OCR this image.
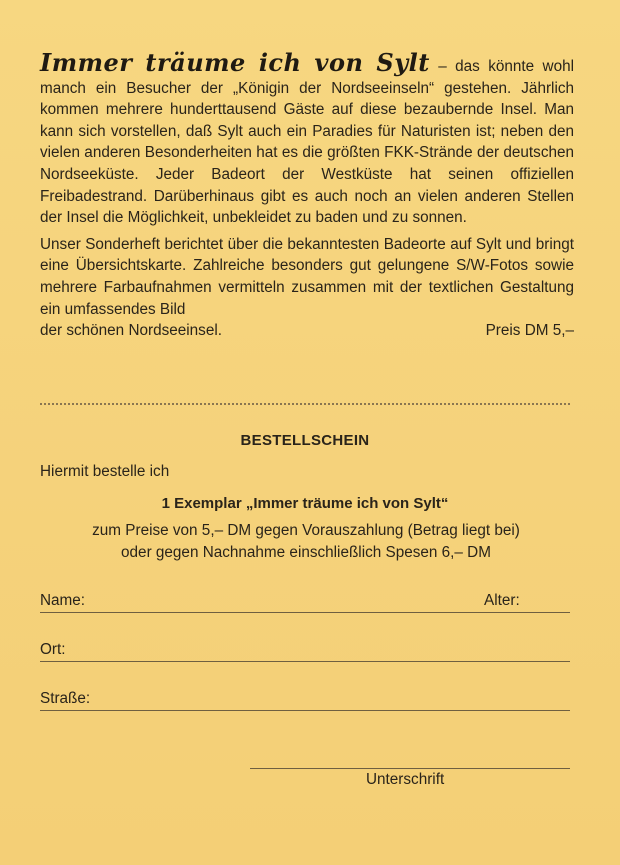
Immer träume ich von Sylt – das könnte wohl manch ein Besucher der „Königin der Nordseeinseln“ gestehen. Jährlich kommen mehrere hunderttausend Gäste auf diese bezaubernde Insel. Man kann sich vorstellen, daß Sylt auch ein Paradies für Naturisten ist; neben den vielen anderen Besonderheiten hat es die größten FKK-Strände der deutschen Nordseeküste. Jeder Badeort der Westküste hat seinen offiziellen Freibadestrand. Darüberhinaus gibt es auch noch an vielen anderen Stellen der Insel die Möglichkeit, unbekleidet zu baden und zu sonnen.

Unser Sonderheft berichtet über die bekanntesten Badeorte auf Sylt und bringt eine Übersichtskarte. Zahlreiche besonders gut gelungene S/W-Fotos sowie mehrere Farbaufnahmen vermitteln zusammen mit der textlichen Gestaltung ein umfassendes Bild
der schönen Nordseeinsel.	Preis DM 5,–

BESTELLSCHEIN
Hiermit bestelle ich
1 Exemplar „Immer träume ich von Sylt“
zum Preise von 5,– DM gegen Vorauszahlung (Betrag liegt bei)
oder gegen Nachnahme einschließlich Spesen 6,– DM
Name:	Alter:
Ort:
Straße:
Unterschrift
